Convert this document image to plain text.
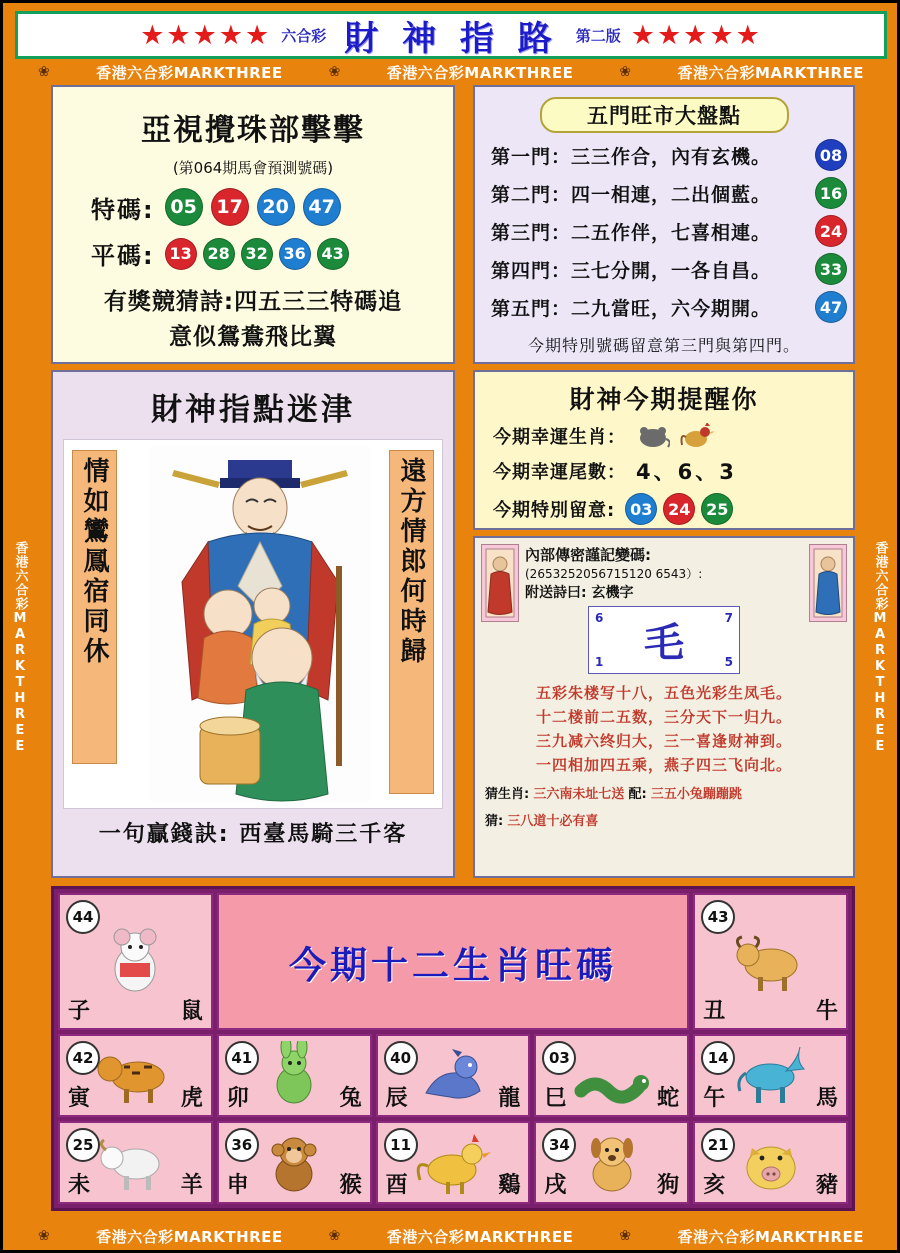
★★★★★ 六合彩 財 神 指 路 第二版 ★★★★★
❀	香港六合彩MARKTHREE	❀	香港六合彩MARKTHREE	❀	香港六合彩MARKTHREE
香港六合彩MARKTHREE	香港六合彩MARKTHREE
亞視攪珠部擊擊
(第064期馬會預測號碼)
特碼: 05	17	20	47
平碼: 13 28 32 36 43
有獎競猜詩:四五三三特碼追
意似鴛鴦飛比翼
五門旺市大盤點
第一門：三三作合，內有玄機。	08
第二門：四一相連，二出個藍。	16
第三門：二五作伴，七喜相連。	24
第四門：三七分開，一各自昌。	33
第五門：二九當旺，六今期開。	47
今期特別號碼留意第三門與第四門。
財神指點迷津
情如鸞鳳宿同休	遠方情郎何時歸
一句贏錢訣: 西臺馬騎三千客
財神今期提醒你
今期幸運生肖：
今期幸運尾數： 4、6、3
今期特別留意: 03 24 25
內部傳密謹記變碼:
(2653252056715120 6543）:
附送詩曰: 玄機字
6	7
1	5
毛
五彩朱楼写十八，五色光彩生凤毛。
十二楼前二五数，三分天下一归九。
三九减六终归大，三一喜逢财神到。
一四相加四五乘，燕子四三飞向北。
猜生肖: 三六南未址七送 配: 三五小兔蹦蹦跳
猜: 三八道十必有喜
44
子	鼠
今期十二生肖旺碼
43
丑	牛
42
寅	虎
41
卯	兔
40
辰	龍
03
巳	蛇
14
午	馬
25
未	羊
36
申	猴
11
酉	鷄
34
戌	狗
21
亥	豬
❀	香港六合彩MARKTHREE	❀	香港六合彩MARKTHREE	❀	香港六合彩MARKTHREE
